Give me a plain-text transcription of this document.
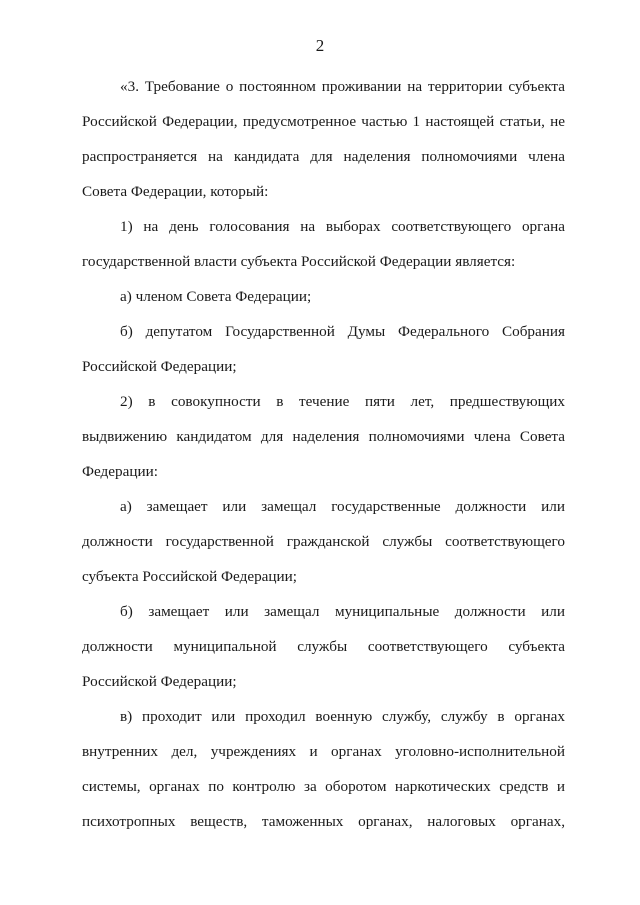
2

«3. Требование о постоянном проживании на территории субъекта Российской Федерации, предусмотренное частью 1 настоящей статьи, не распространяется на кандидата для наделения полномочиями члена Совета Федерации, который:

1) на день голосования на выборах соответствующего органа государственной власти субъекта Российской Федерации является:

а) членом Совета Федерации;

б) депутатом Государственной Думы Федерального Собрания Российской Федерации;

2) в совокупности в течение пяти лет, предшествующих выдвижению кандидатом для наделения полномочиями члена Совета Федерации:

а) замещает или замещал государственные должности или должности государственной гражданской службы соответствующего субъекта Российской Федерации;

б) замещает или замещал муниципальные должности или должности муниципальной службы соответствующего субъекта Российской Федерации;

в) проходит или проходил военную службу, службу в органах внутренних дел, учреждениях и органах уголовно-исполнительной системы, органах по контролю за оборотом наркотических средств и психотропных веществ, таможенных органах, налоговых органах,
